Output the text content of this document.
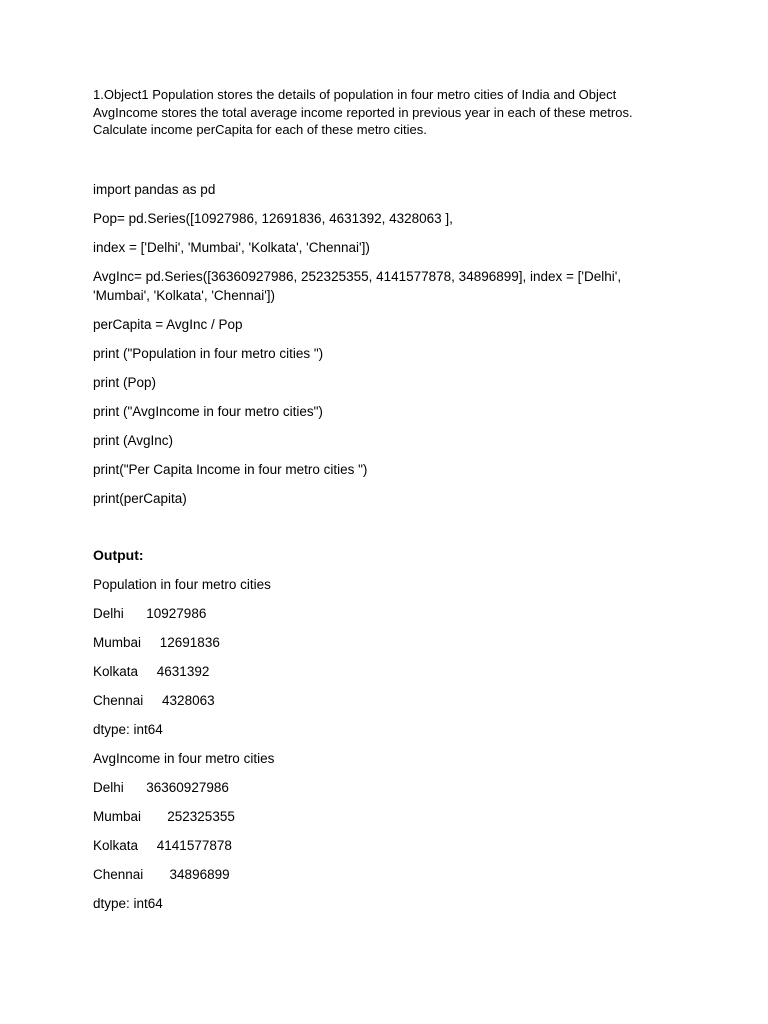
1.Object1 Population stores the details of population in four metro cities of India and Object AvgIncome stores the total average income reported in previous year in each of these metros. Calculate income perCapita for each of these metro cities.

import pandas as pd

Pop= pd.Series([10927986, 12691836, 4631392, 4328063 ],

index = ['Delhi', 'Mumbai', 'Kolkata', 'Chennai'])

AvgInc= pd.Series([36360927986, 252325355, 4141577878, 34896899], index = ['Delhi', 'Mumbai', 'Kolkata', 'Chennai'])

perCapita = AvgInc / Pop

print ("Population in four metro cities ")

print (Pop)

print ("AvgIncome in four metro cities")

print (AvgInc)

print("Per Capita Income in four metro cities ")

print(perCapita)

Output:

Population in four metro cities

Delhi      10927986

Mumbai     12691836

Kolkata     4631392

Chennai     4328063

dtype: int64

AvgIncome in four metro cities

Delhi      36360927986

Mumbai       252325355

Kolkata     4141577878

Chennai       34896899

dtype: int64
